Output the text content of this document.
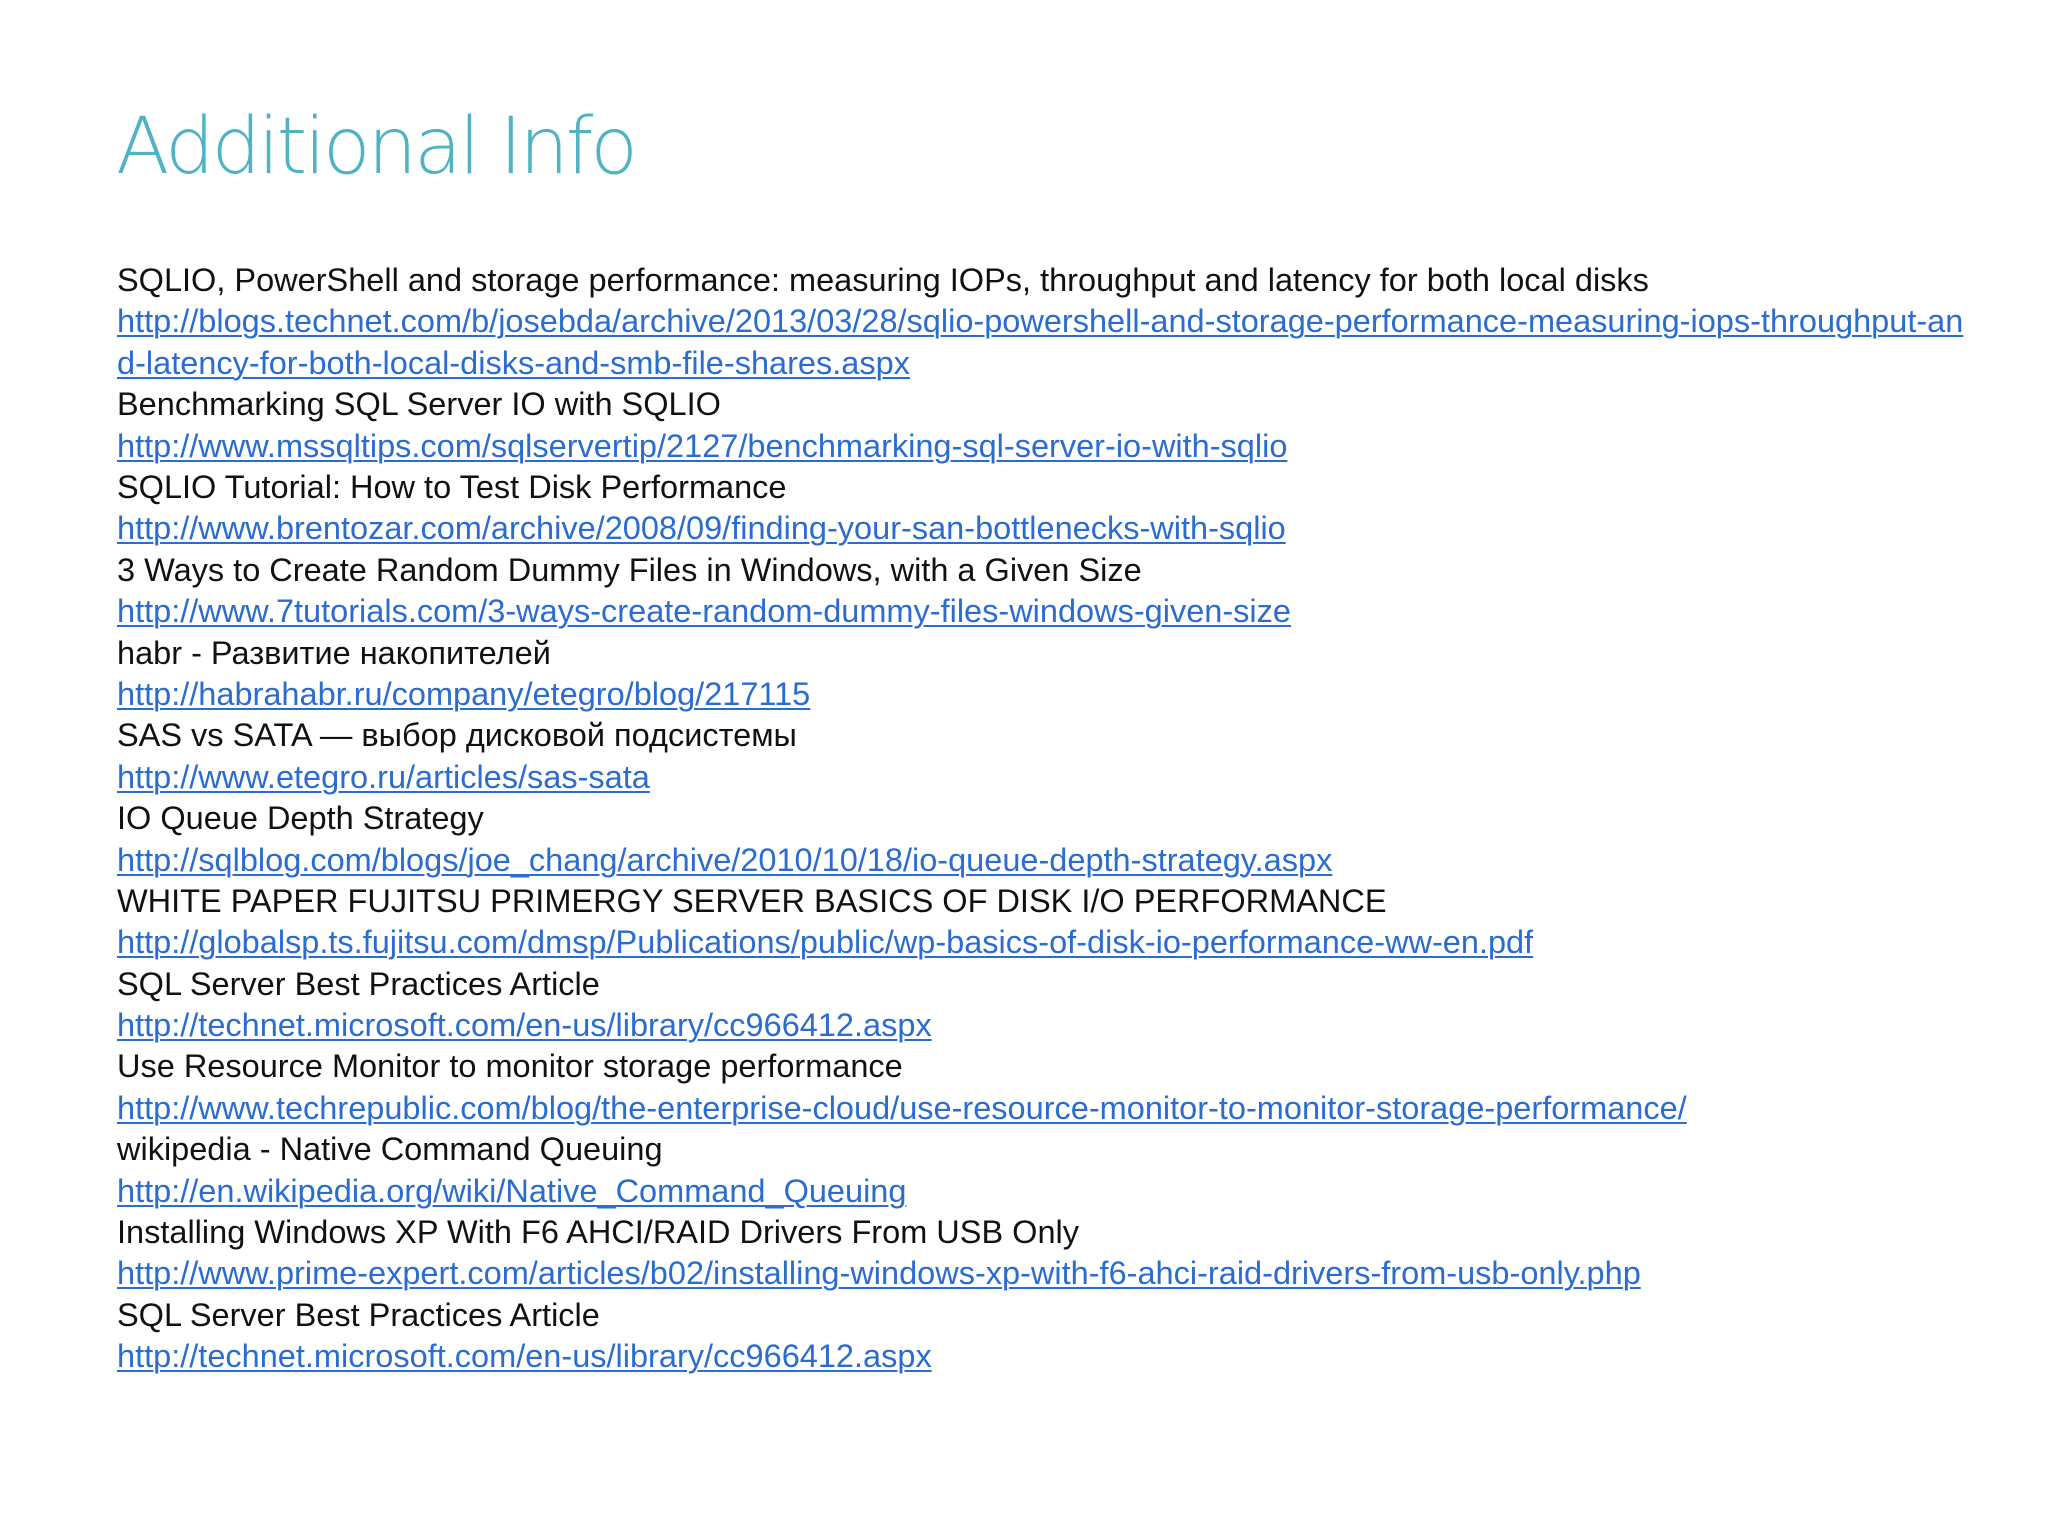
Additional Info
SQLIO, PowerShell and storage performance: measuring IOPs, throughput and latency for both local disks
http://blogs.technet.com/b/josebda/archive/2013/03/28/sqlio-powershell-and-storage-performance-measuring-iops-throughput-and-latency-for-both-local-disks-and-smb-file-shares.aspx
Benchmarking SQL Server IO with SQLIO
http://www.mssqltips.com/sqlservertip/2127/benchmarking-sql-server-io-with-sqlio
SQLIO Tutorial: How to Test Disk Performance
http://www.brentozar.com/archive/2008/09/finding-your-san-bottlenecks-with-sqlio
3 Ways to Create Random Dummy Files in Windows, with a Given Size
http://www.7tutorials.com/3-ways-create-random-dummy-files-windows-given-size
habr - Развитие накопителей
http://habrahabr.ru/company/etegro/blog/217115
SAS vs SATA — выбор дисковой подсистемы
http://www.etegro.ru/articles/sas-sata
IO Queue Depth Strategy
http://sqlblog.com/blogs/joe_chang/archive/2010/10/18/io-queue-depth-strategy.aspx
WHITE PAPER FUJITSU PRIMERGY SERVER BASICS OF DISK I/O PERFORMANCE
http://globalsp.ts.fujitsu.com/dmsp/Publications/public/wp-basics-of-disk-io-performance-ww-en.pdf
SQL Server Best Practices Article
http://technet.microsoft.com/en-us/library/cc966412.aspx
Use Resource Monitor to monitor storage performance
http://www.techrepublic.com/blog/the-enterprise-cloud/use-resource-monitor-to-monitor-storage-performance/
wikipedia - Native Command Queuing
http://en.wikipedia.org/wiki/Native_Command_Queuing
Installing Windows XP With F6 AHCI/RAID Drivers From USB Only
http://www.prime-expert.com/articles/b02/installing-windows-xp-with-f6-ahci-raid-drivers-from-usb-only.php
SQL Server Best Practices Article
http://technet.microsoft.com/en-us/library/cc966412.aspx
